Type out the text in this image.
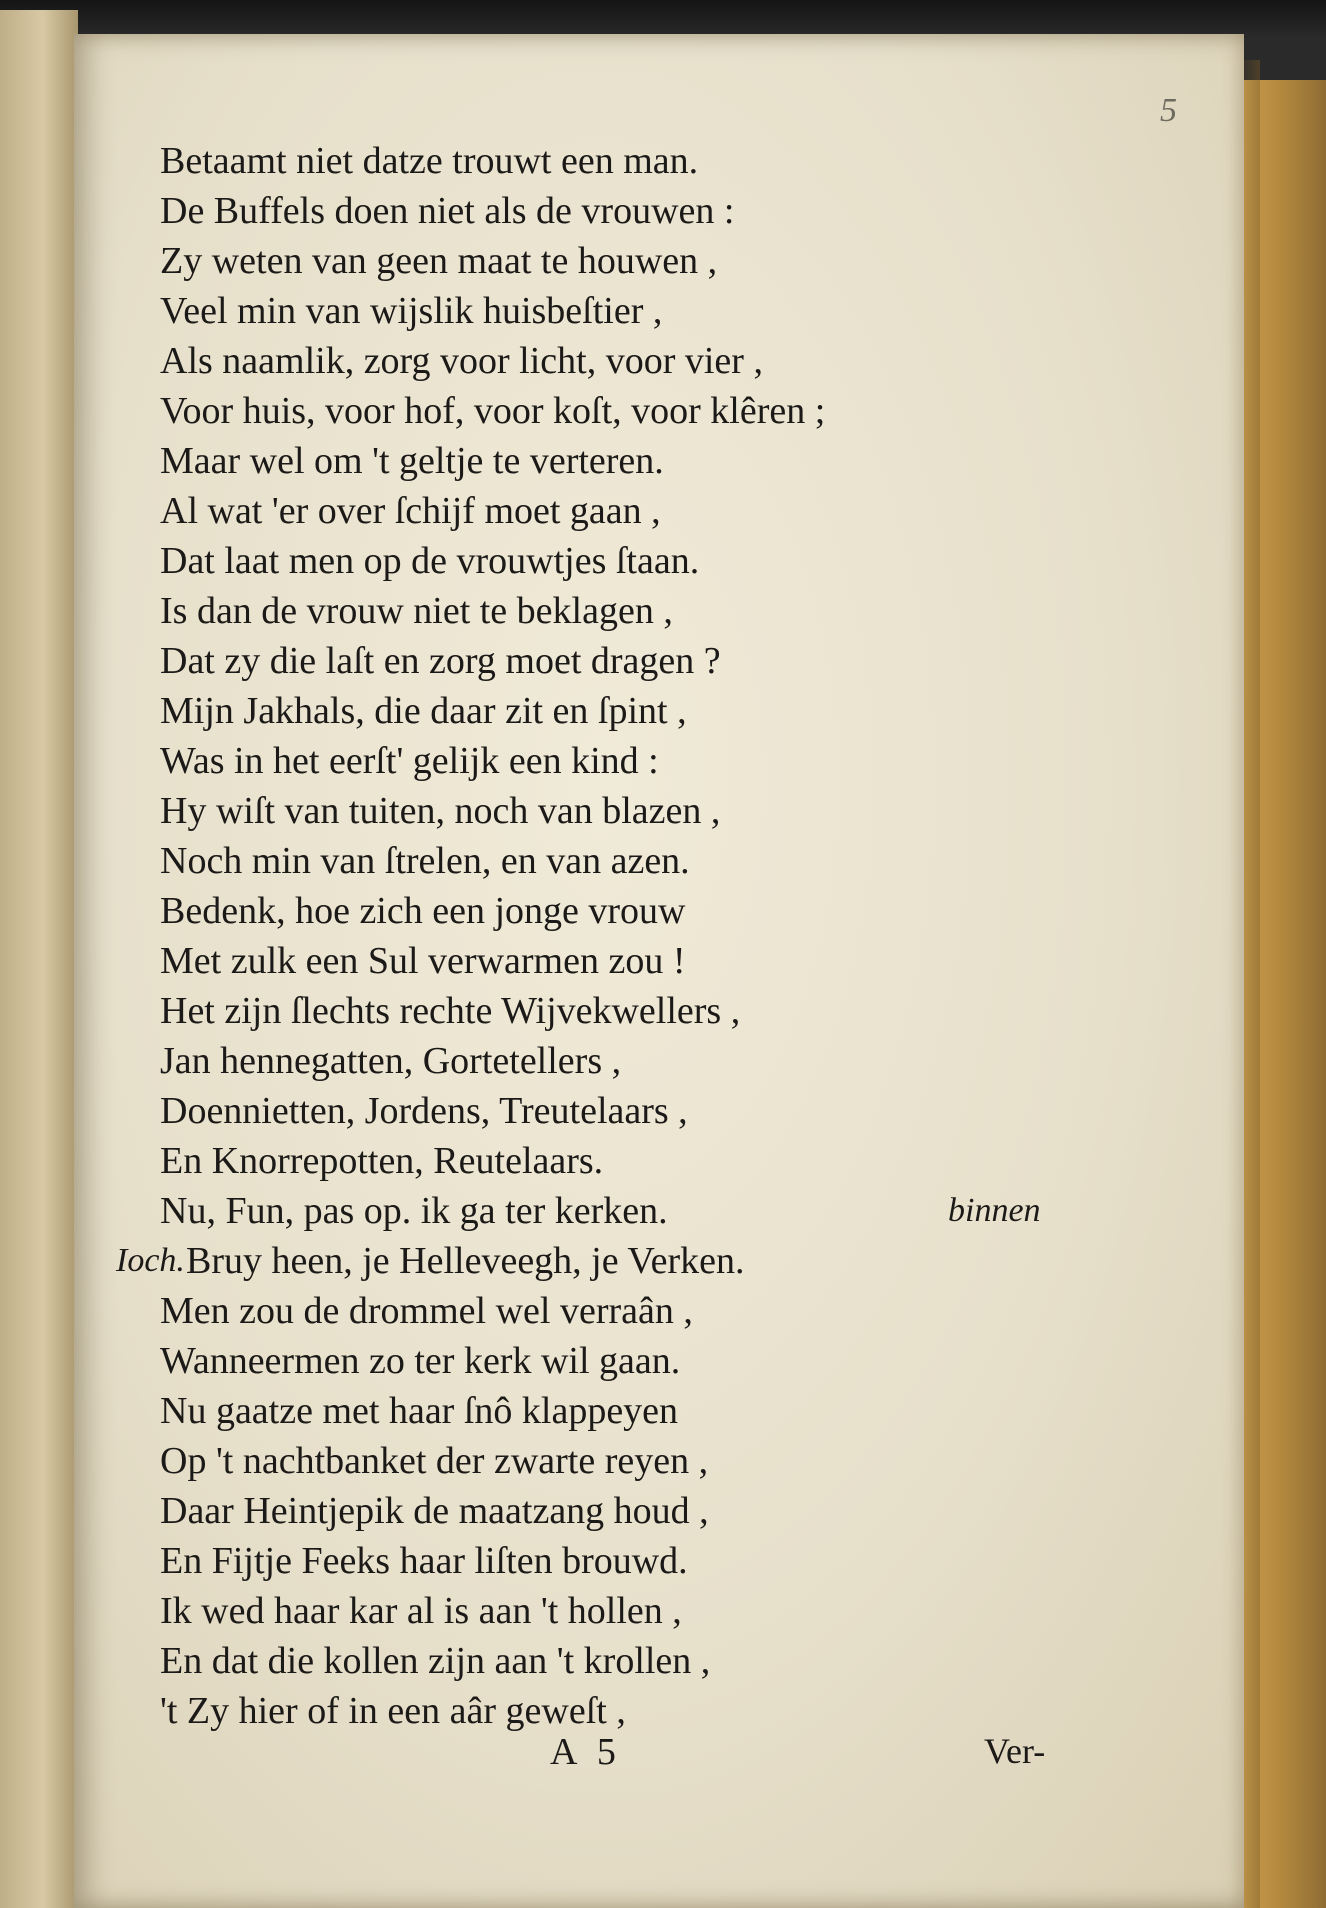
5
Betaamt niet datze trouwt een man.
De Buffels doen niet als de vrouwen :
Zy weten van geen maat te houwen ,
Veel min van wijslik huisbeſtier ,
Als naamlik, zorg voor licht, voor vier ,
Voor huis, voor hof, voor koſt, voor klêren ;
Maar wel om 't geltje te verteren.
Al wat 'er over ſchijf moet gaan ,
Dat laat men op de vrouwtjes ſtaan.
Is dan de vrouw niet te beklagen ,
Dat zy die laſt en zorg moet dragen ?
Mijn Jakhals, die daar zit en ſpint ,
Was in het eerſt' gelijk een kind :
Hy wiſt van tuiten, noch van blazen ,
Noch min van ſtrelen, en van azen.
Bedenk, hoe zich een jonge vrouw
Met zulk een Sul verwarmen zou !
Het zijn ſlechts rechte Wijvekwellers ,
Jan hennegatten, Gortetellers ,
Doennietten, Jordens, Treutelaars ,
En Knorrepotten, Reutelaars.
Nu, Fun, pas op. ik ga ter kerken.	binnen
Ioch. Bruy heen, je Helleveegh, je Verken.
Men zou de drommel wel verraân ,
Wanneermen zo ter kerk wil gaan.
Nu gaatze met haar ſnô klappeyen
Op 't nachtbanket der zwarte reyen ,
Daar Heintjepik de maatzang houd ,
En Fijtje Feeks haar liſten brouwd.
Ik wed haar kar al is aan 't hollen ,
En dat die kollen zijn aan 't krollen ,
't Zy hier of in een aâr geweſt ,
A 5	Ver-
